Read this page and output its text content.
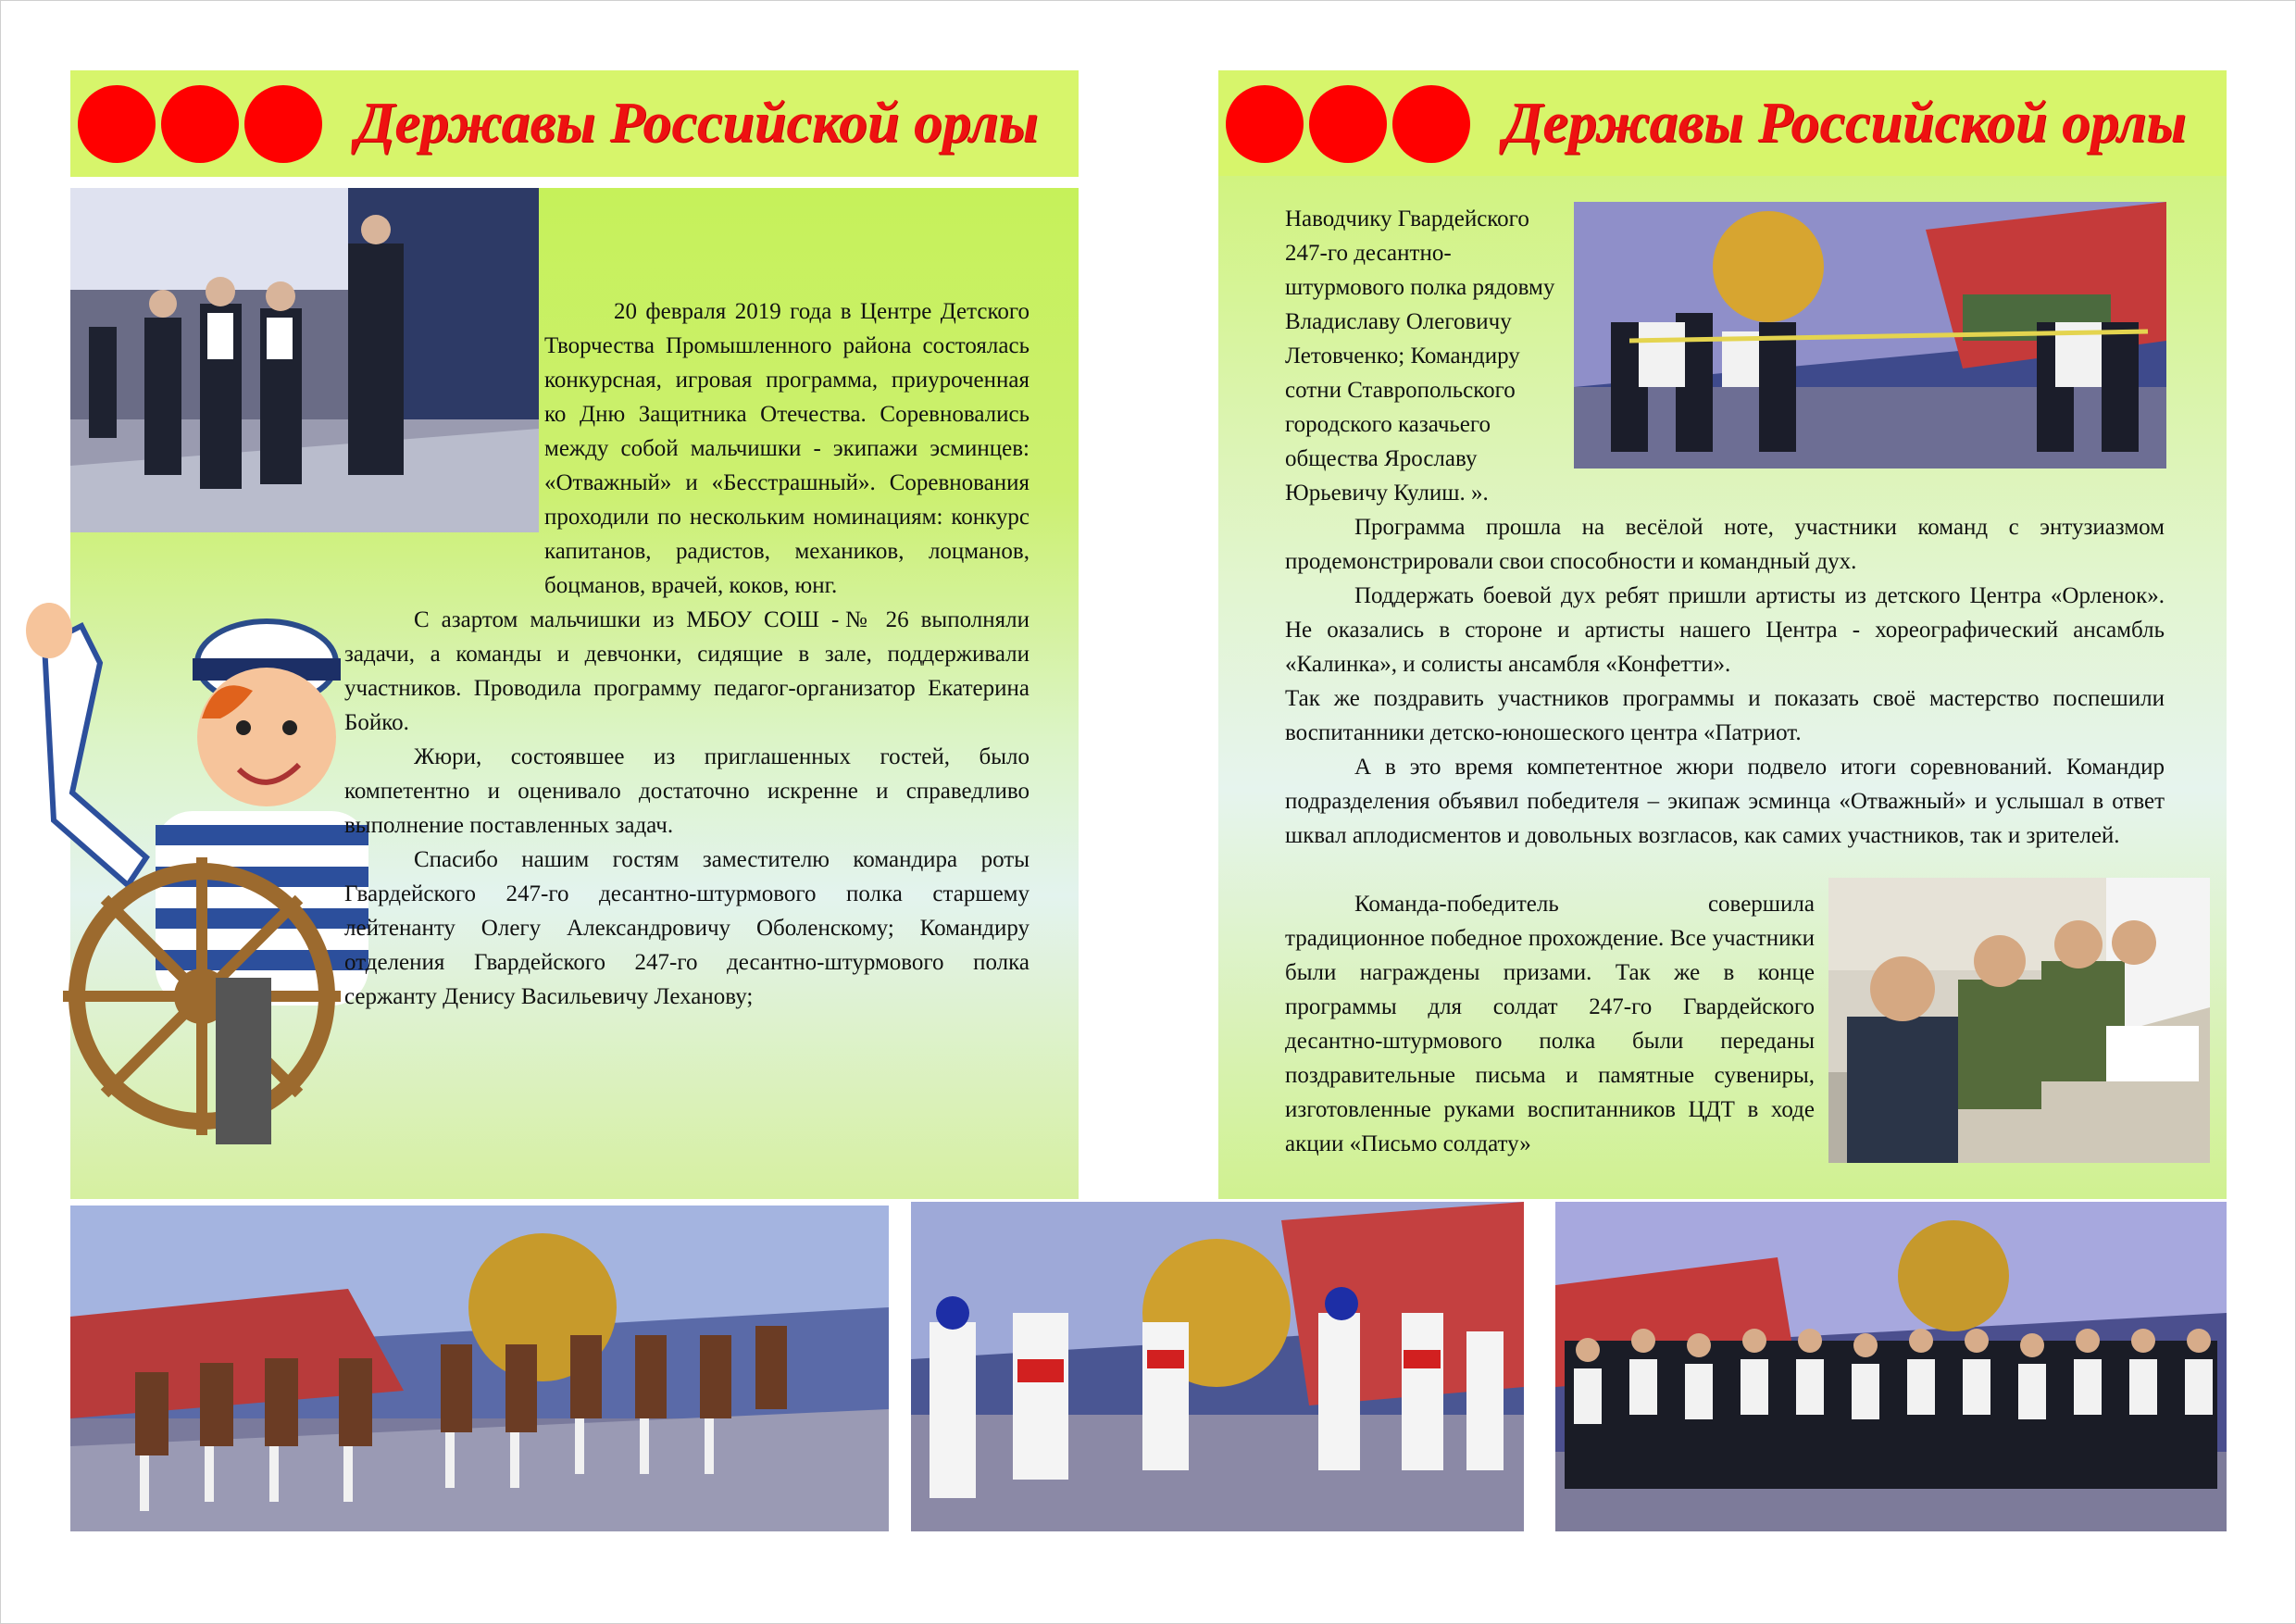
Державы Российской орлы	Державы Российской орлы

20 февраля 2019 года в Центре Детского Творчества Промышленного района состоялась конкурсная, игровая программа, приуроченная ко Дню Защитника Отечества. Соревновались между собой мальчишки - экипажи эсминцев: «Отважный» и «Бесстрашный». Соревнования проходили по нескольким номинациям: конкурс капитанов, радистов, механиков, лоцманов, боцманов, врачей, коков, юнг.

С азартом мальчишки из МБОУ СОШ -№ 26 выполняли задачи, а команды и девчонки, сидящие в зале, поддерживали участников. Проводила программу педагог-организатор Екатерина Бойко.

Жюри, состоявшее из приглашенных гостей, было компетентно и оценивало достаточно искренне и справедливо выполнение поставленных задач.

Спасибо нашим гостям заместителю командира роты Гвардейского 247-го десантно-штурмового полка старшему лейтенанту Олегу Александровичу Оболенскому; Командиру отделения Гвардейского 247-го десантно-штурмового полка сержанту Денису Васильевичу Леханову;

Наводчику Гвардейского 247-го десантно-штурмового полка рядовму Владиславу Олеговичу Летовченко; Командиру сотни Ставропольского городского казачьего общества Ярославу Юрьевичу Кулиш. ».

Программа прошла на весёлой ноте, участники команд с энтузиазмом продемонстрировали свои способности и командный дух.

Поддержать боевой дух ребят пришли артисты из детского Центра «Орленок». Не оказались в стороне и артисты нашего Центра - хореографический ансамбль «Калинка», и солисты ансамбля «Конфетти».

Так же поздравить участников программы и показать своё мастерство поспешили воспитанники детско-юношеского центра «Патриот.

А в это время компетентное жюри подвело итоги соревнований. Командир подразделения объявил победителя – экипаж эсминца «Отважный» и услышал в ответ шквал аплодисментов и довольных возгласов, как самих участников, так и зрителей.

Команда-победитель совершила традиционное победное прохождение. Все участники были награждены призами. Так же в конце программы для солдат 247-го Гвардейского десантно-штурмового полка были переданы поздравительные письма и памятные сувениры, изготовленные руками воспитанников ЦДТ в ходе акции «Письмо солдату»
